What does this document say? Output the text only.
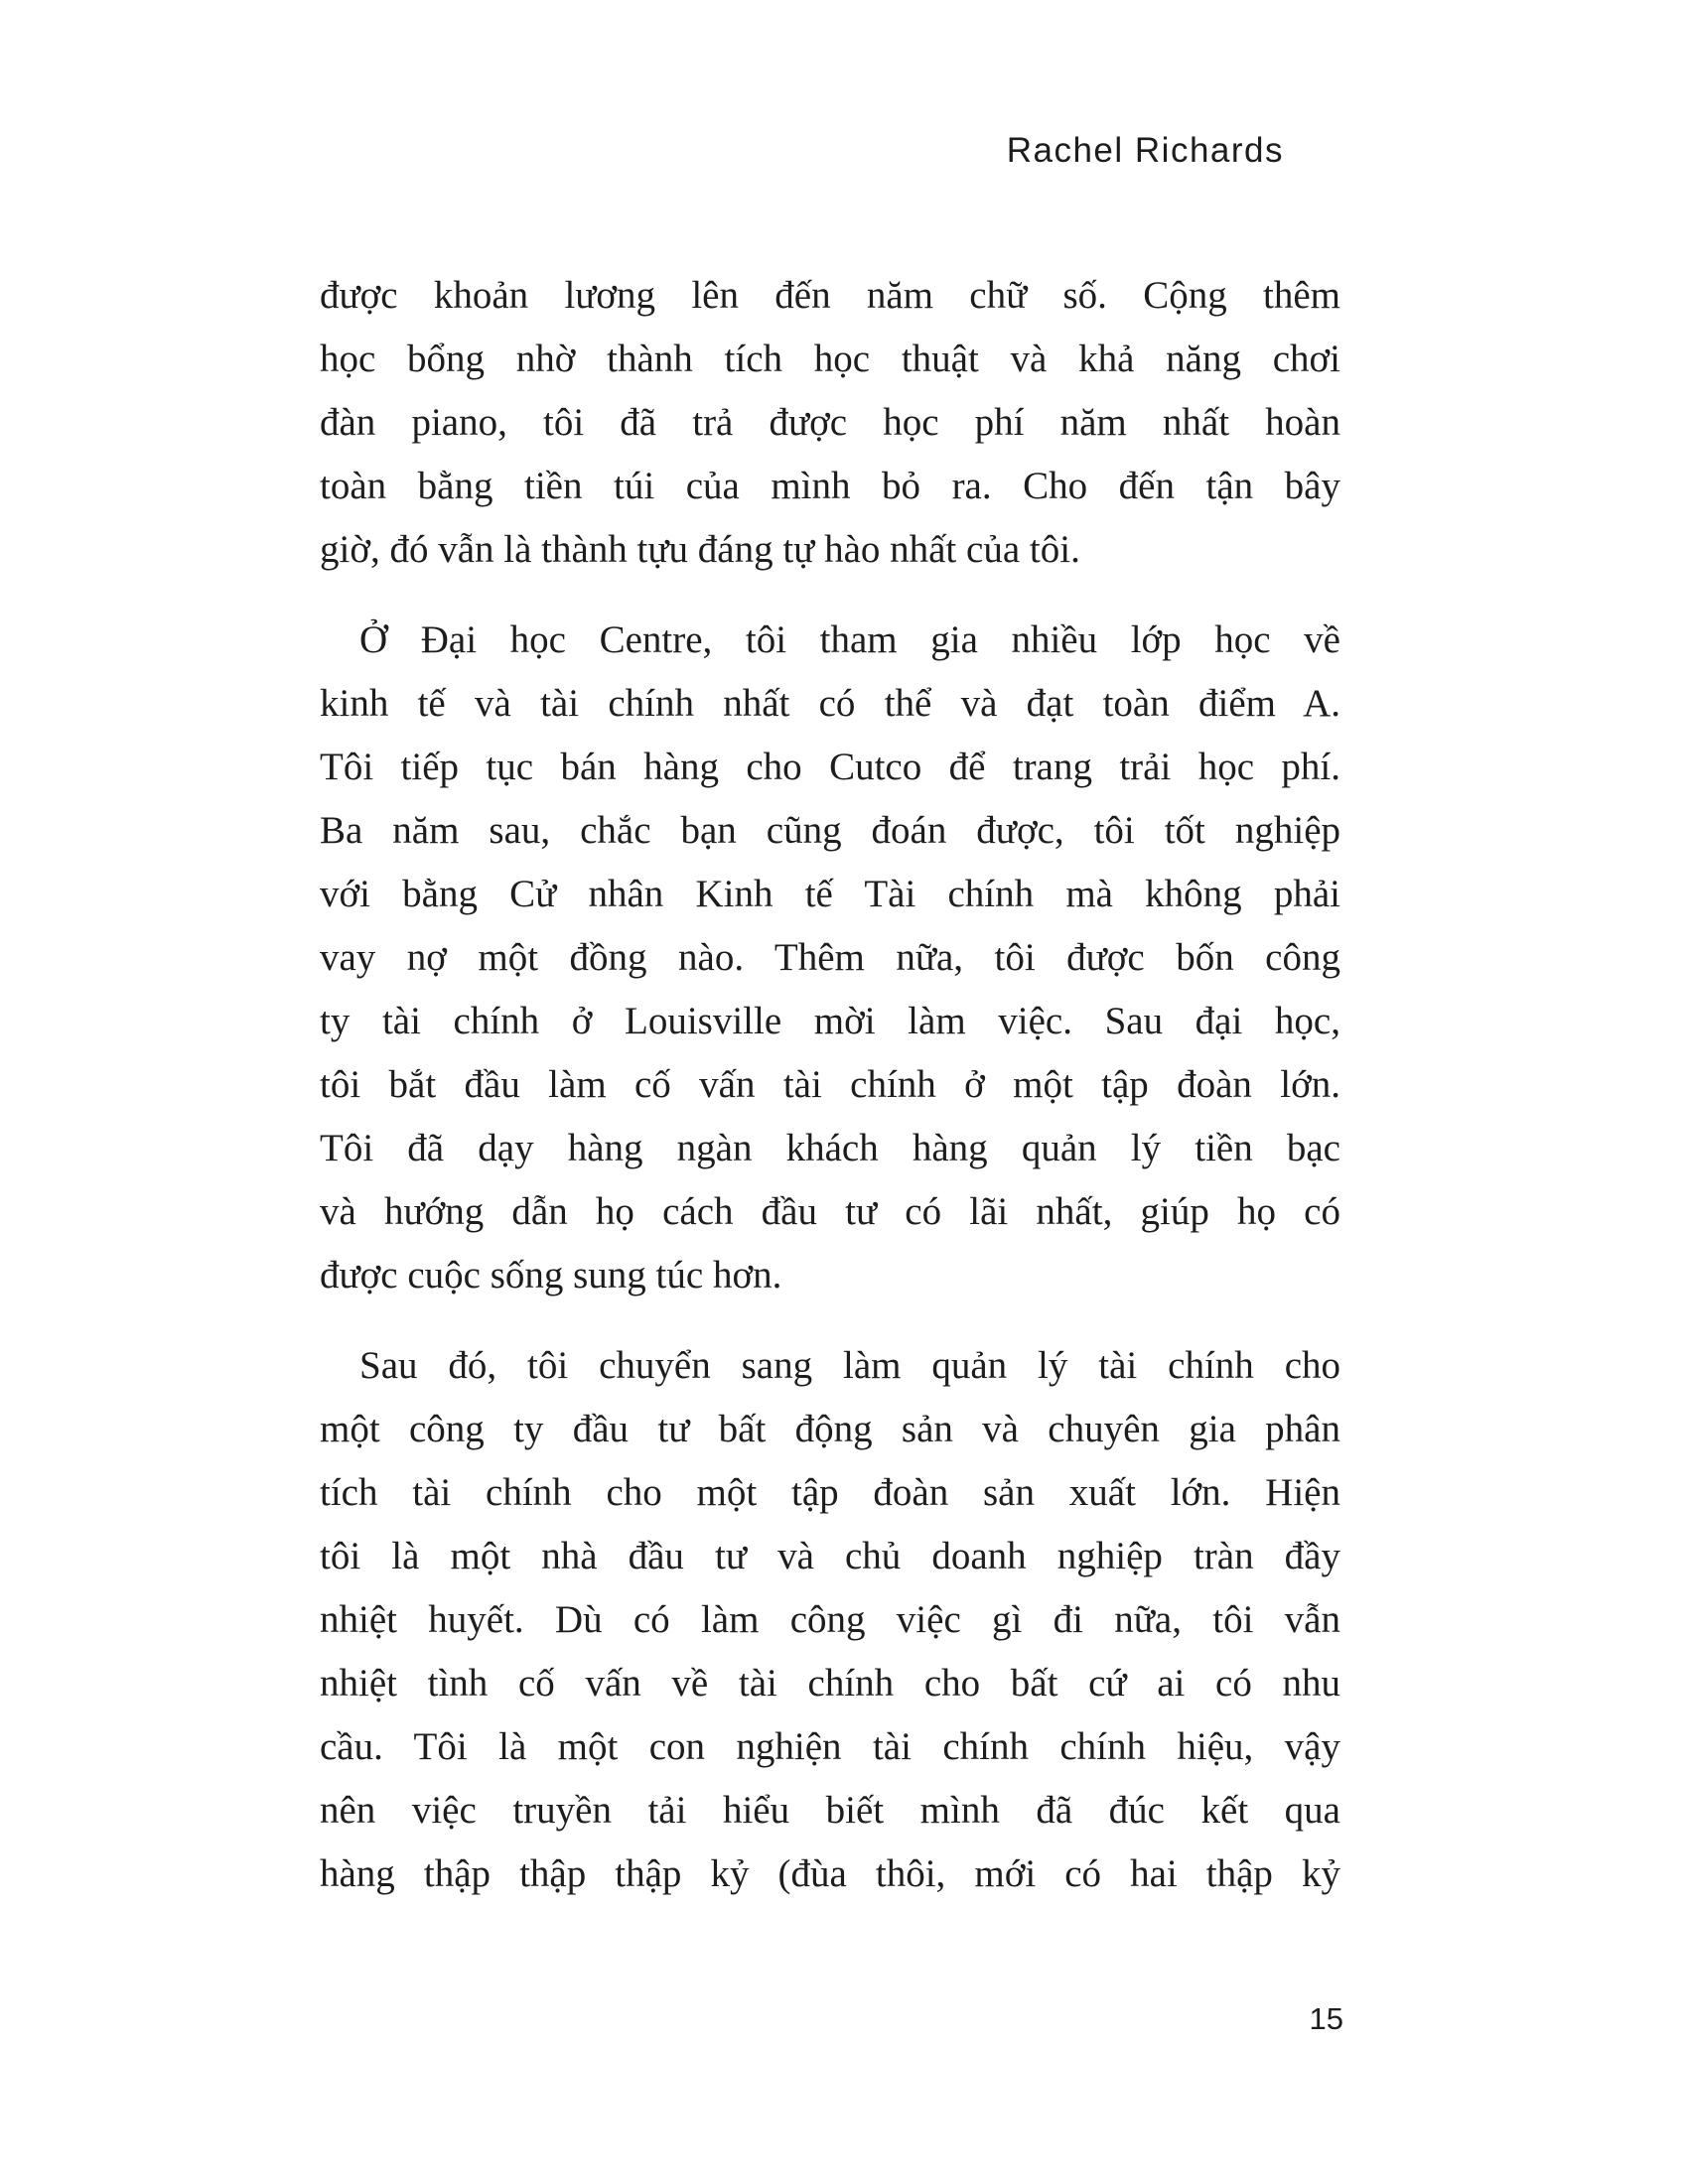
Rachel Richards
được khoản lương lên đến năm chữ số. Cộng thêm
học bổng nhờ thành tích học thuật và khả năng chơi
đàn piano, tôi đã trả được học phí năm nhất hoàn
toàn bằng tiền túi của mình bỏ ra. Cho đến tận bây
giờ, đó vẫn là thành tựu đáng tự hào nhất của tôi.
Ở Đại học Centre, tôi tham gia nhiều lớp học về
kinh tế và tài chính nhất có thể và đạt toàn điểm A.
Tôi tiếp tục bán hàng cho Cutco để trang trải học phí.
Ba năm sau, chắc bạn cũng đoán được, tôi tốt nghiệp
với bằng Cử nhân Kinh tế Tài chính mà không phải
vay nợ một đồng nào. Thêm nữa, tôi được bốn công
ty tài chính ở Louisville mời làm việc. Sau đại học,
tôi bắt đầu làm cố vấn tài chính ở một tập đoàn lớn.
Tôi đã dạy hàng ngàn khách hàng quản lý tiền bạc
và hướng dẫn họ cách đầu tư có lãi nhất, giúp họ có
được cuộc sống sung túc hơn.
Sau đó, tôi chuyển sang làm quản lý tài chính cho
một công ty đầu tư bất động sản và chuyên gia phân
tích tài chính cho một tập đoàn sản xuất lớn. Hiện
tôi là một nhà đầu tư và chủ doanh nghiệp tràn đầy
nhiệt huyết. Dù có làm công việc gì đi nữa, tôi vẫn
nhiệt tình cố vấn về tài chính cho bất cứ ai có nhu
cầu. Tôi là một con nghiện tài chính chính hiệu, vậy
nên việc truyền tải hiểu biết mình đã đúc kết qua
hàng thập thập thập kỷ (đùa thôi, mới có hai thập kỷ
15
